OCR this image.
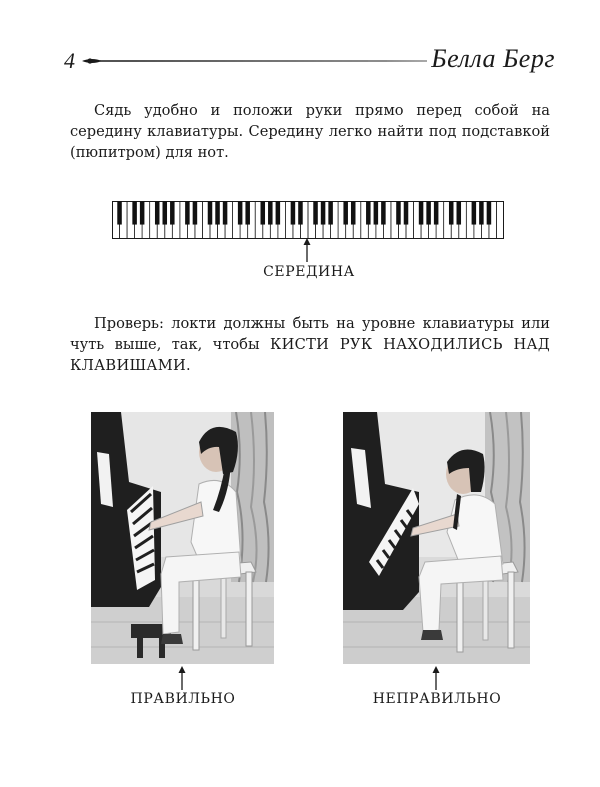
4	Белла Берг

Сядь удобно и положи руки прямо перед собой на середину клавиатуры. Середину легко найти под подставкой (пюпитром) для нот.

СЕРЕДИНА

Проверь: локти должны быть на уровне клавиатуры или чуть выше, так, чтобы КИСТИ РУК НАХОДИЛИСЬ НАД КЛАВИШАМИ.

ПРАВИЛЬНО	НЕПРАВИЛЬНО
